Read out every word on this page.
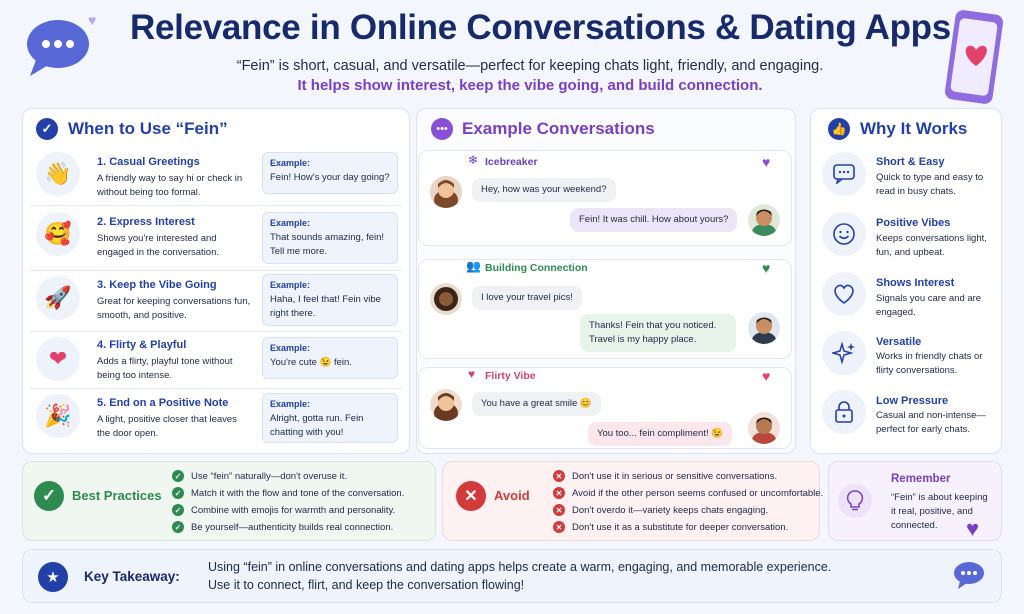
♥ Relevance in Online Conversations & Dating Apps
“Fein” is short, casual, and versatile—perfect for keeping chats light, friendly, and engaging.
It helps show interest, keep the vibe going, and build connection.
✓ When to Use “Fein”
👋	1. Casual Greetings
A friendly way to say hi or check in without being too formal.
Example:
Fein! How's your day going?
🥰	2. Express Interest
Shows you're interested and engaged in the conversation.
Example:
That sounds amazing, fein! Tell me more.
🚀	3. Keep the Vibe Going
Great for keeping conversations fun, smooth, and positive.
Example:
Haha, I feel that! Fein vibe right there.
❤
4. Flirty & Playful
Adds a flirty, playful tone without being too intense.
Example:
You're cute 😉 fein.
🎉	5. End on a Positive Note
A light, positive closer that leaves the door open.
Example:
Alright, gotta run. Fein chatting with you!
••• Example Conversations
❄ Icebreaker	♥
Hey, how was your weekend?
Fein! It was chill. How about yours?
👥 Building Connection	♥
I love your travel pics!
Thanks! Fein that you noticed. Travel is my happy place.
♥ Flirty Vibe	♥
You have a great smile 😊
You too... fein compliment! 😉
👍 Why It Works
Short & Easy
Quick to type and easy to read in busy chats.
Positive Vibes
Keeps conversations light, fun, and upbeat.
Shows Interest
Signals you care and are engaged.
Versatile
Works in friendly chats or flirty conversations.
Low Pressure
Casual and non-intense—perfect for early chats.
✓	Best Practices
✓ Use “fein” naturally—don't overuse it.
✓ Match it with the flow and tone of the conversation.
✓ Combine with emojis for warmth and personality.
✓ Be yourself—authenticity builds real connection.
✕	Avoid
✕ Don't use it in serious or sensitive conversations.
✕ Avoid if the other person seems confused or uncomfortable.
✕ Don't overdo it—variety keeps chats engaging.
✕ Don't use it as a substitute for deeper conversation.
Remember
“Fein” is about keeping it real, positive, and connected.	♥
★	Key Takeaway:
Using “fein” in online conversations and dating apps helps create a warm, engaging, and memorable experience.
Use it to connect, flirt, and keep the conversation flowing!
